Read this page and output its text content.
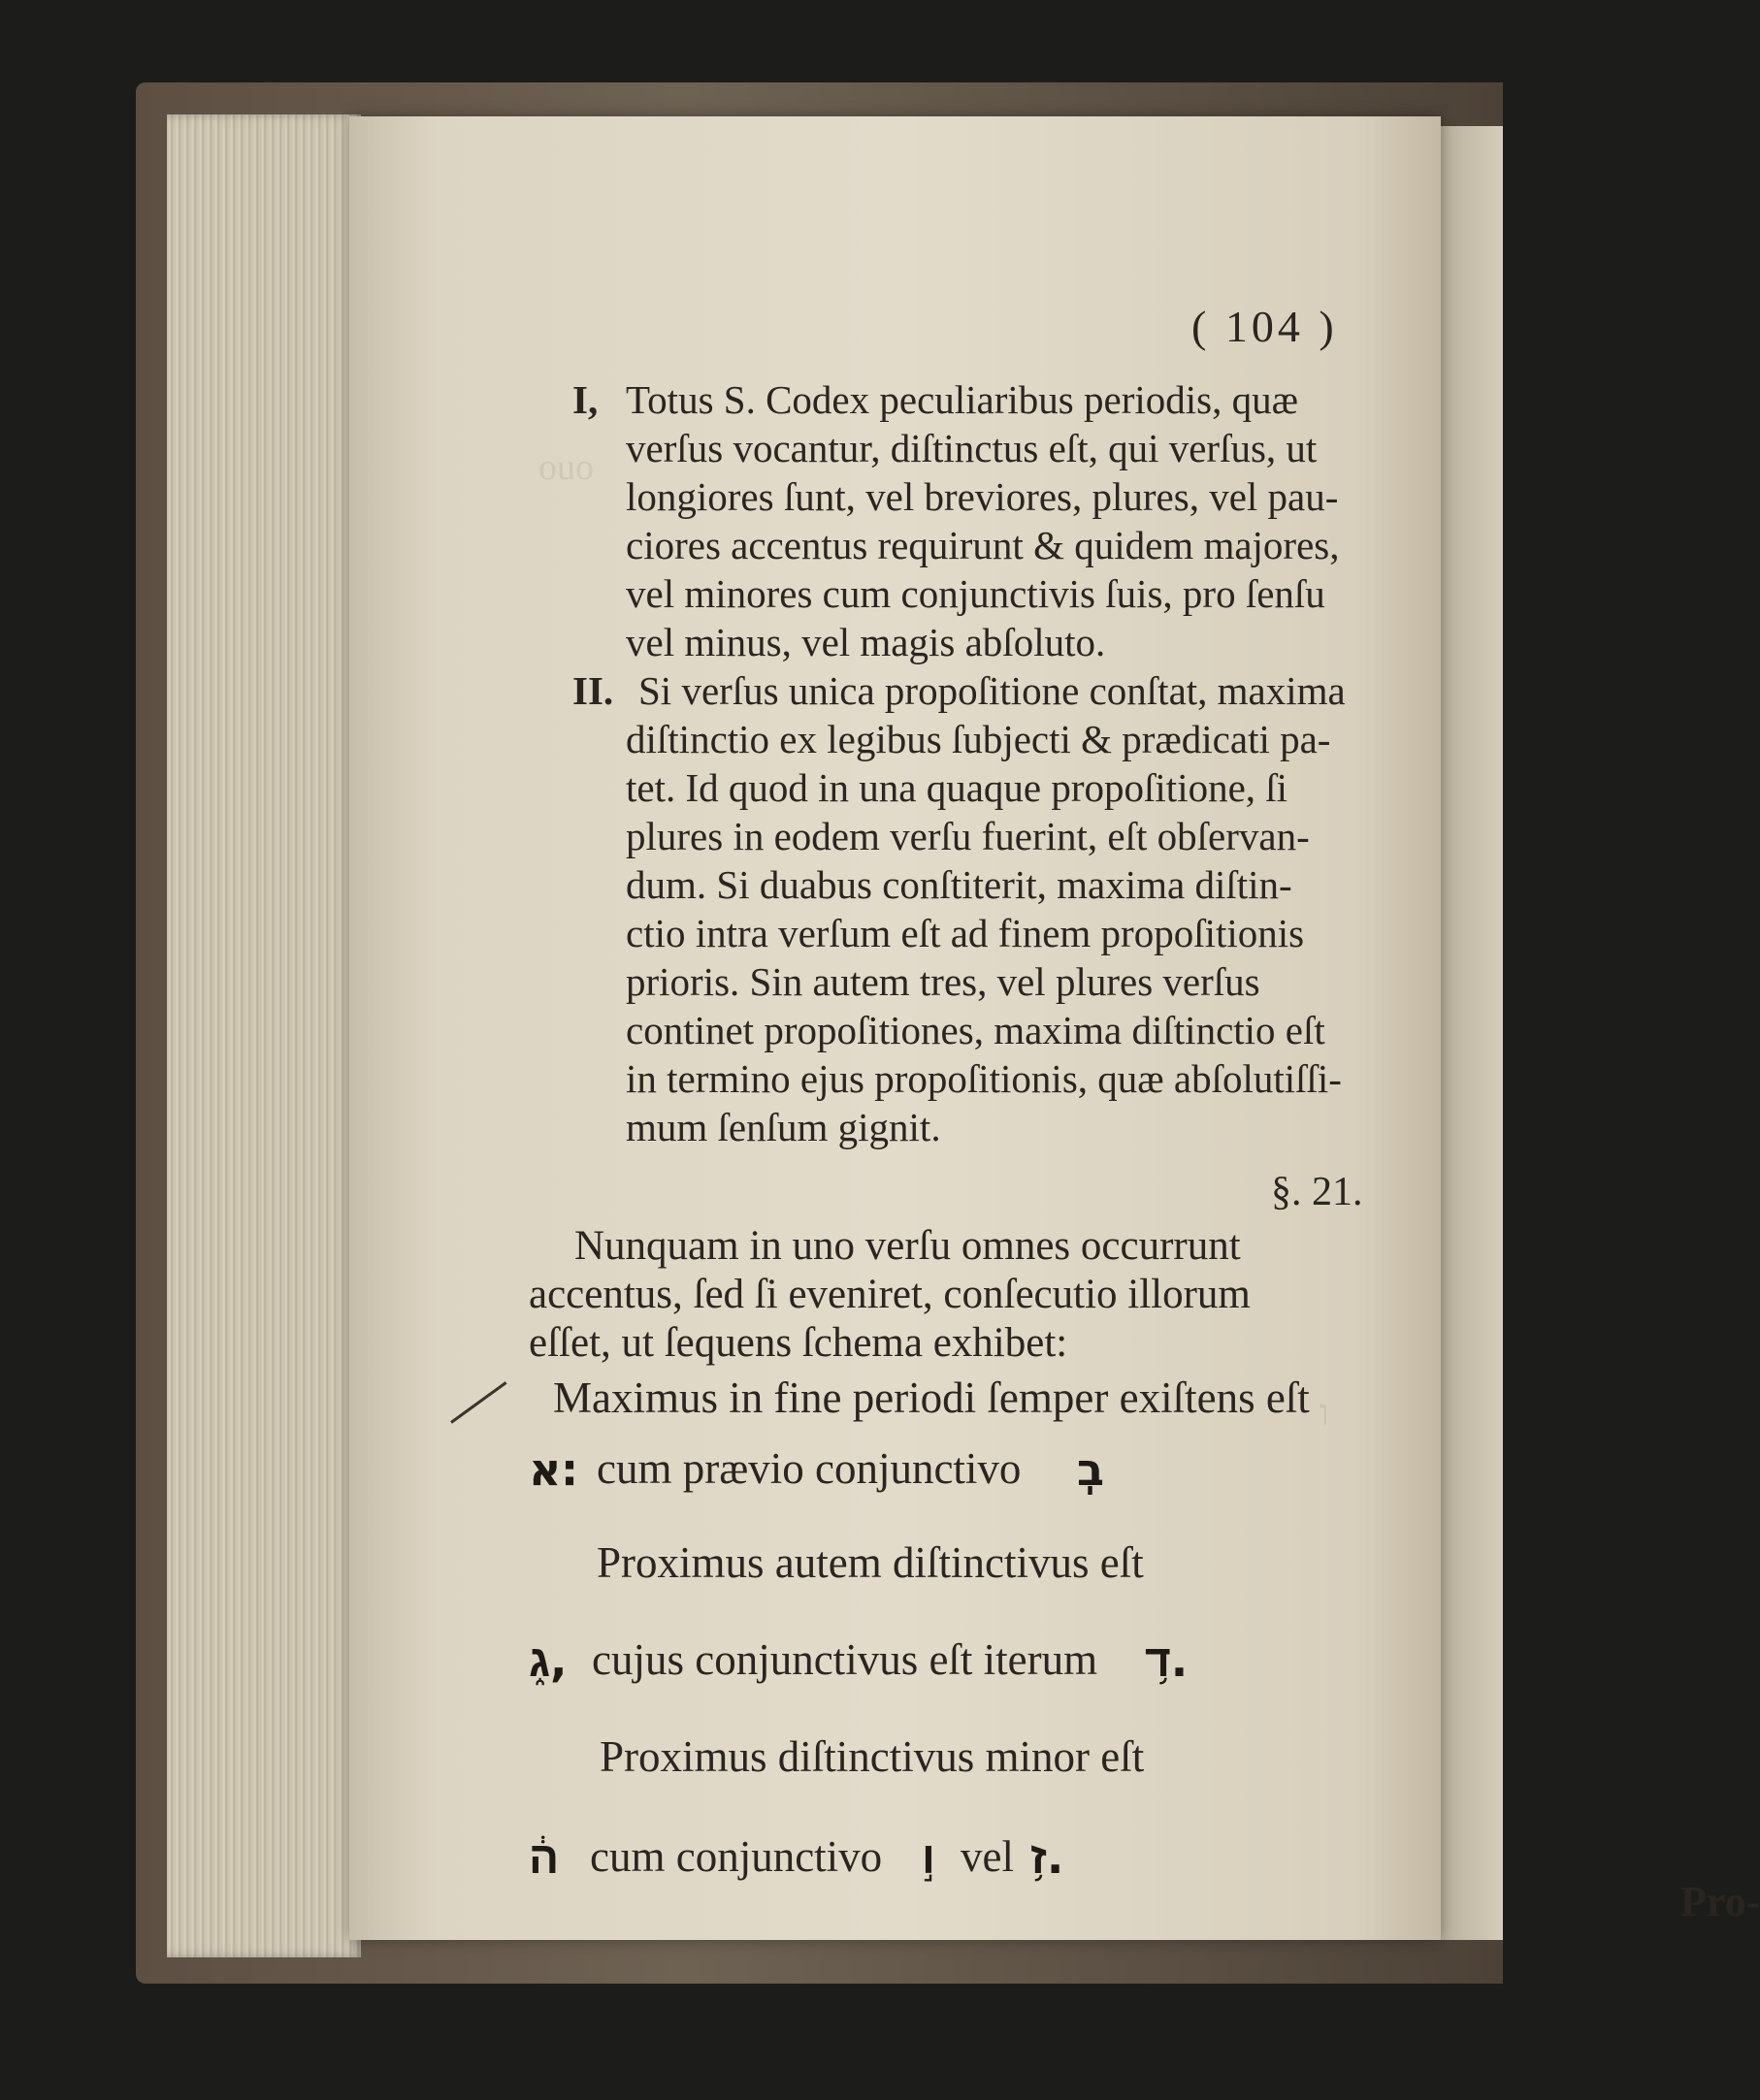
ouo
ו
( 104 )
I, Totus S. Codex peculiaribus periodis, quæ
verſus vocantur, diſtinctus eſt, qui verſus, ut
longiores ſunt, vel breviores, plures, vel pau-
ciores accentus requirunt & quidem majores,
vel minores cum conjunctivis ſuis, pro ſenſu
vel minus, vel magis abſoluto.
II. Si verſus unica propoſitione conſtat, maxima
diſtinctio ex legibus ſubjecti & prædicati pa-
tet. Id quod in una quaque propoſitione, ſi
plures in eodem verſu fuerint, eſt obſervan-
dum. Si duabus conſtiterit, maxima diſtin-
ctio intra verſum eſt ad finem propoſitionis
prioris. Sin autem tres, vel plures verſus
continet propoſitiones, maxima diſtinctio eſt
in termino ejus propoſitionis, quæ abſolutiſſi-
mum ſenſum gignit.
§. 21.
Nunquam in uno verſu omnes occurrunt
accentus, ſed ſi eveniret, conſecutio illorum
eſſet, ut ſequens ſchema exhibet:
Maximus in fine periodi ſemper exiſtens eſt
׃א cum prævio conjunctivo בֽ
Proximus autem diſtinctivus eſt
ג֑, cujus conjunctivus eſt iterum ד֥.
Proximus diſtinctivus minor eſt
ה֔ cum conjunctivo ו֣ vel ז֥.
Pro-
